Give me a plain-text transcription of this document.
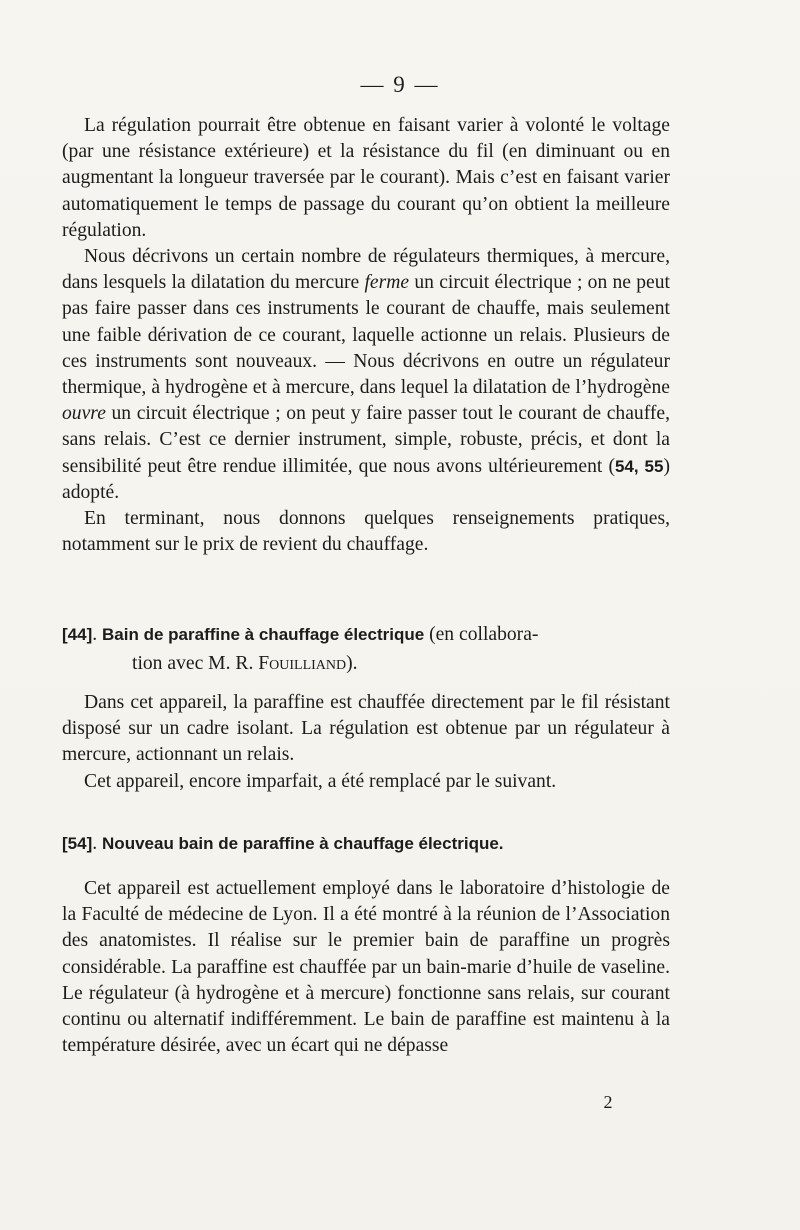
— 9 —

La régulation pourrait être obtenue en faisant varier à volonté le voltage (par une résistance extérieure) et la résistance du fil (en diminuant ou en augmentant la longueur traversée par le courant). Mais c’est en faisant varier automatiquement le temps de passage du courant qu’on obtient la meilleure régulation.

Nous décrivons un certain nombre de régulateurs thermiques, à mercure, dans lesquels la dilatation du mercure ferme un circuit électrique ; on ne peut pas faire passer dans ces instruments le courant de chauffe, mais seulement une faible dérivation de ce courant, laquelle actionne un relais. Plusieurs de ces instruments sont nouveaux. — Nous décrivons en outre un régulateur thermique, à hydrogène et à mercure, dans lequel la dilatation de l’hydrogène ouvre un circuit électrique ; on peut y faire passer tout le courant de chauffe, sans relais. C’est ce dernier instrument, simple, robuste, précis, et dont la sensibilité peut être rendue illimitée, que nous avons ultérieurement (54, 55) adopté.

En terminant, nous donnons quelques renseignements pratiques, notamment sur le prix de revient du chauffage.

[44]. Bain de paraffine à chauffage électrique (en collabora-
tion avec M. R. Fouilliand).

Dans cet appareil, la paraffine est chauffée directement par le fil résistant disposé sur un cadre isolant. La régulation est obtenue par un régulateur à mercure, actionnant un relais.

Cet appareil, encore imparfait, a été remplacé par le suivant.

[54]. Nouveau bain de paraffine à chauffage électrique.

Cet appareil est actuellement employé dans le laboratoire d’histologie de la Faculté de médecine de Lyon. Il a été montré à la réunion de l’Association des anatomistes. Il réalise sur le premier bain de paraffine un progrès considérable. La paraffine est chauffée par un bain-marie d’huile de vaseline. Le régulateur (à hydrogène et à mercure) fonctionne sans relais, sur courant continu ou alternatif indifféremment. Le bain de paraffine est maintenu à la température désirée, avec un écart qui ne dépasse

2
